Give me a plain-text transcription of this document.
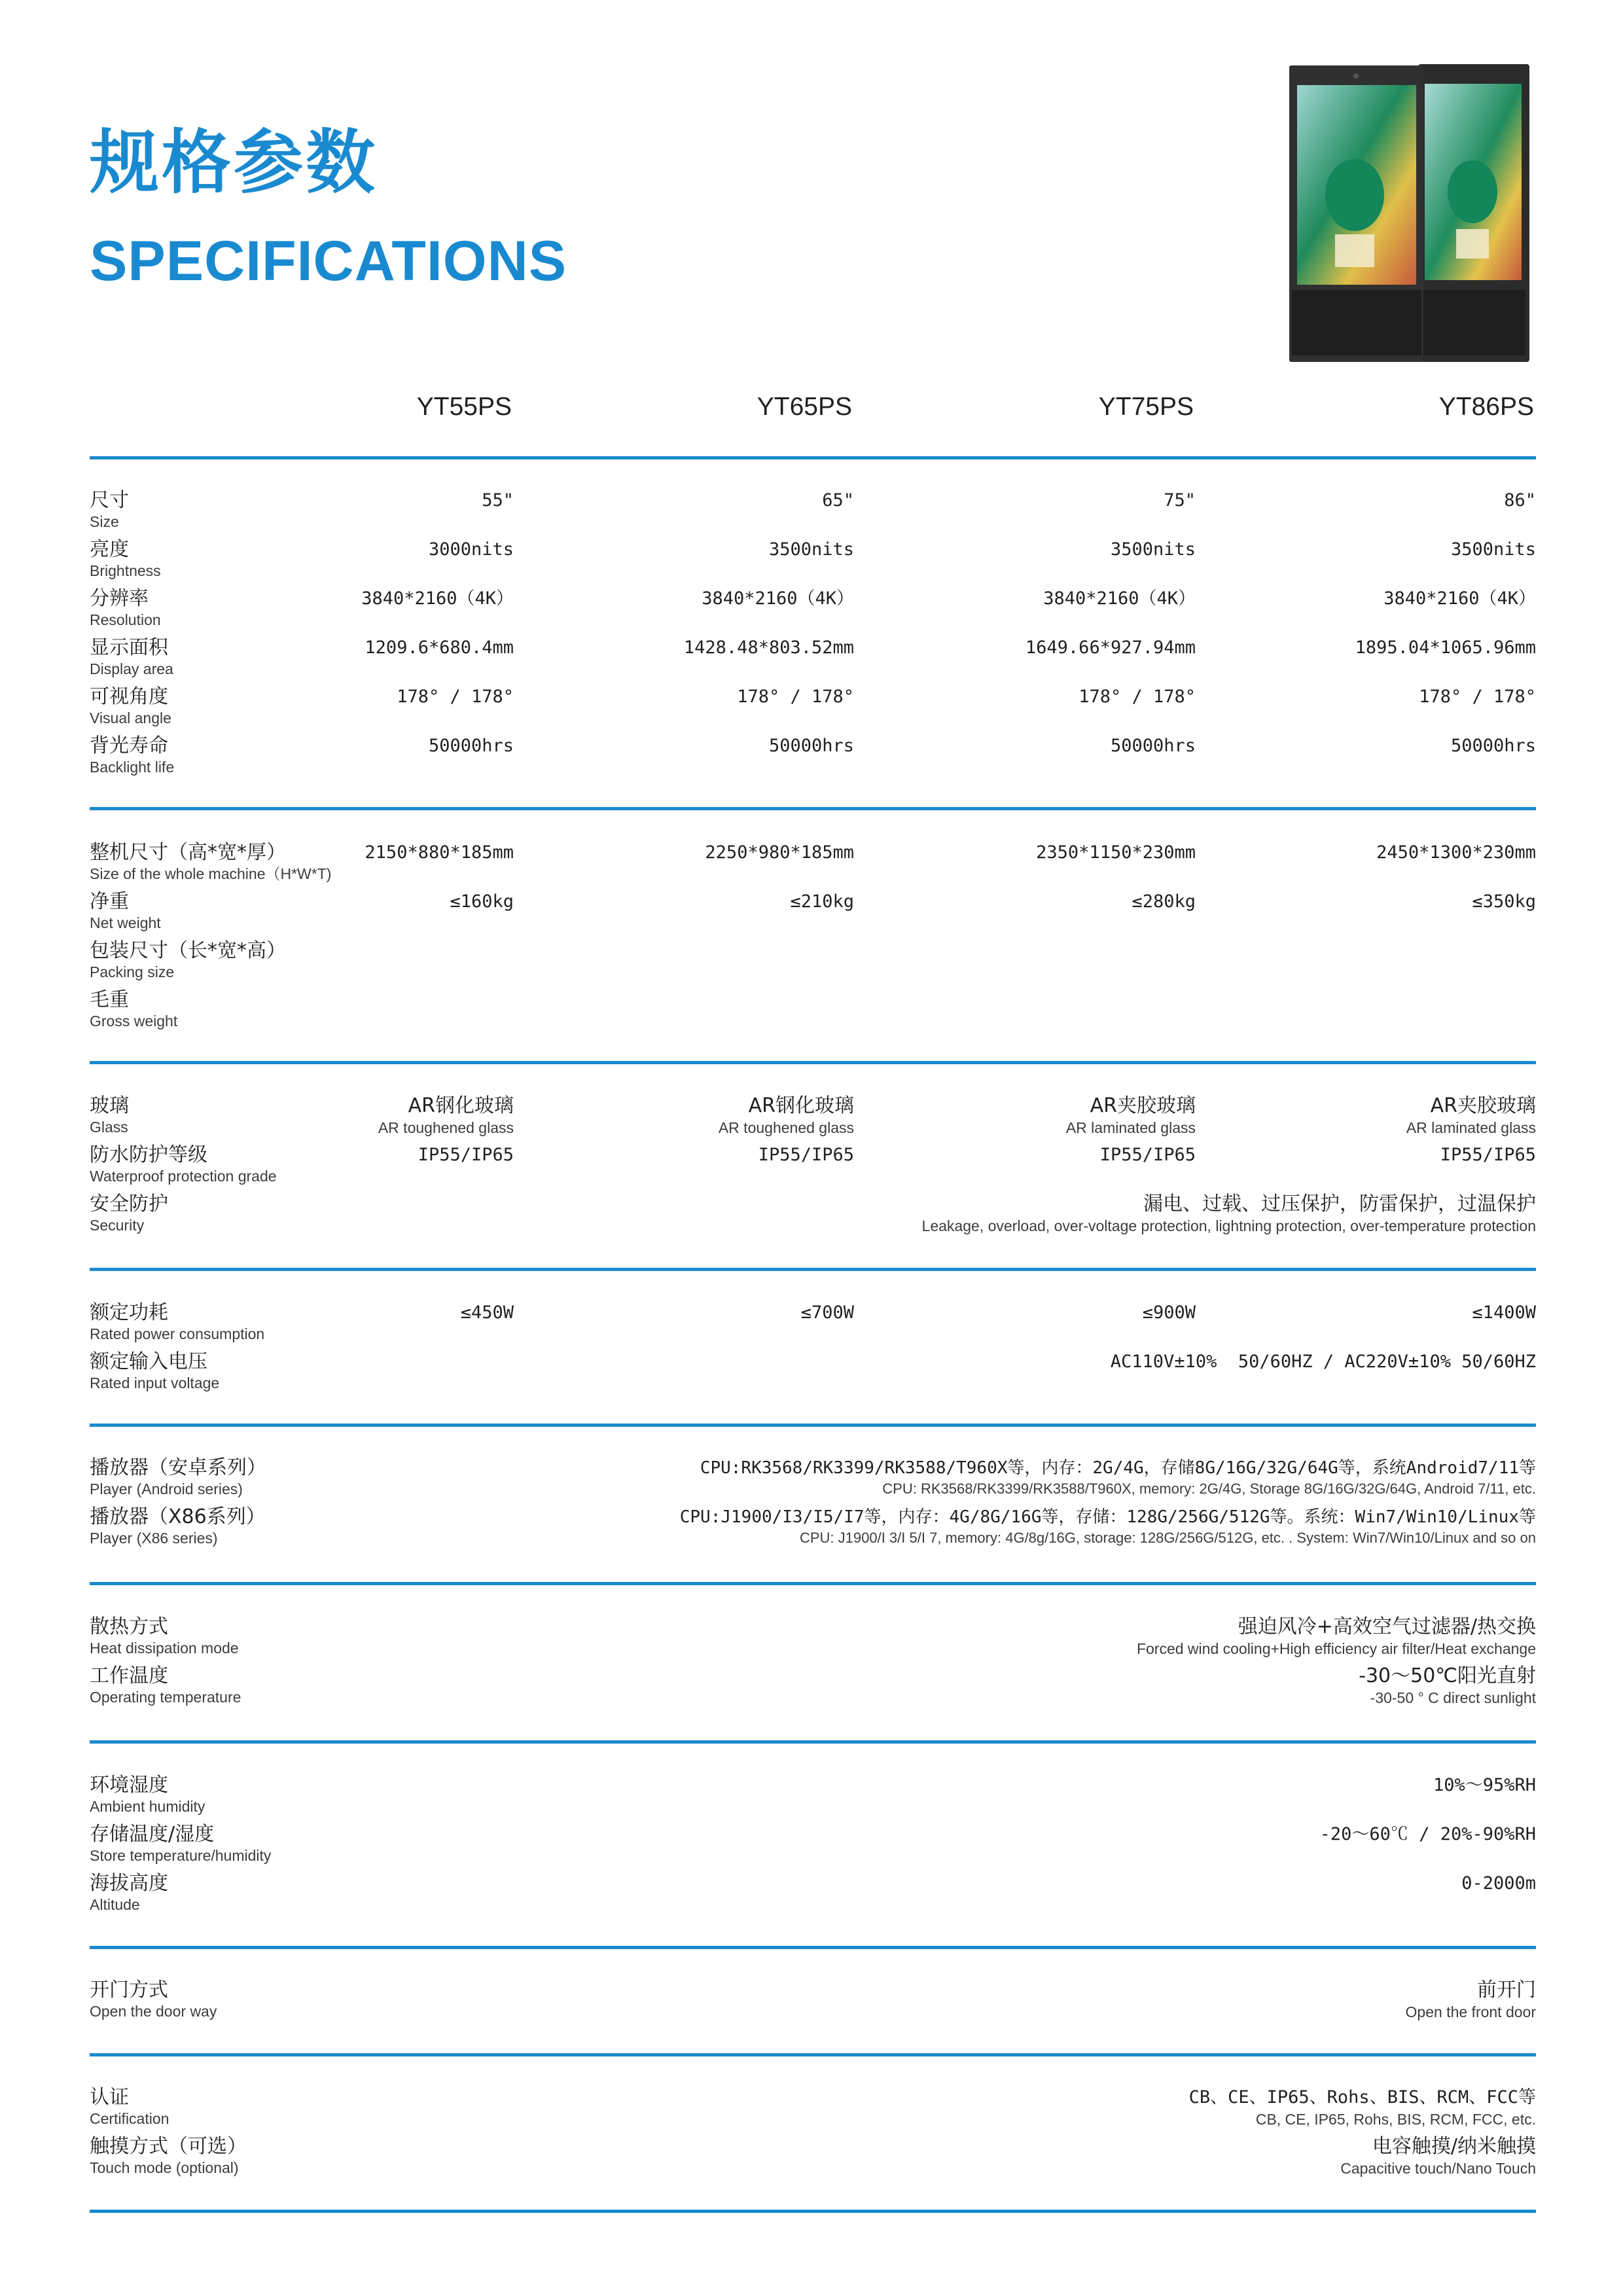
规格参数
SPECIFICATIONS
YT55PS	YT65PS	YT75PS	YT86PS
尺寸
Size
55"	65"	75"	86"
亮度
Brightness
3000nits	3500nits	3500nits	3500nits
分辨率
Resolution
3840*2160（4K）	3840*2160（4K）	3840*2160（4K）	3840*2160（4K）
显示面积
Display area
1209.6*680.4mm	1428.48*803.52mm	1649.66*927.94mm	1895.04*1065.96mm
可视角度
Visual angle
178° / 178°	178° / 178°	178° / 178°	178° / 178°
背光寿命
Backlight life
50000hrs	50000hrs	50000hrs	50000hrs
整机尺寸（高*宽*厚）
Size of the whole machine（H*W*T)
2150*880*185mm	2250*980*185mm	2350*1150*230mm	2450*1300*230mm
净重
Net weight
≤160kg	≤210kg	≤280kg	≤350kg
包装尺寸（长*宽*高）
Packing size
毛重
Gross weight
玻璃
Glass
AR钢化玻璃	AR钢化玻璃	AR夹胶玻璃	AR夹胶玻璃
AR toughened glass	AR toughened glass	AR laminated glass	AR laminated glass
防水防护等级
Waterproof protection grade
IP55/IP65	IP55/IP65	IP55/IP65	IP55/IP65
安全防护
Security
漏电、过载、过压保护，防雷保护，过温保护
Leakage, overload, over-voltage protection, lightning protection, over-temperature protection
额定功耗
Rated power consumption
≤450W	≤700W	≤900W	≤1400W
额定输入电压
Rated input voltage
AC110V±10%  50/60HZ / AC220V±10% 50/60HZ
播放器（安卓系列）
Player (Android series)
CPU:RK3568/RK3399/RK3588/T960X等，内存：2G/4G，存储8G/16G/32G/64G等，系统Android7/11等
CPU: RK3568/RK3399/RK3588/T960X, memory: 2G/4G, Storage 8G/16G/32G/64G, Android 7/11, etc.
播放器（X86系列）
Player (X86 series)
CPU:J1900/I3/I5/I7等，内存：4G/8G/16G等，存储：128G/256G/512G等。系统：Win7/Win10/Linux等
CPU: J1900/I 3/I 5/I 7, memory: 4G/8g/16G, storage: 128G/256G/512G, etc. . System: Win7/Win10/Linux and so on
散热方式
Heat dissipation mode
强迫风冷+高效空气过滤器/热交换
Forced wind cooling+High efficiency air filter/Heat exchange
工作温度
Operating temperature
-30～50℃阳光直射
-30-50 ° C direct sunlight
环境湿度
Ambient humidity
10%～95%RH
存储温度/湿度
Store temperature/humidity
-20～60℃ / 20%-90%RH
海拔高度
Altitude
0-2000m
开门方式
Open the door way
前开门
Open the front door
认证
Certification
CB、CE、IP65、Rohs、BIS、RCM、FCC等
CB, CE, IP65, Rohs, BIS, RCM, FCC, etc.
触摸方式（可选）
Touch mode (optional)
电容触摸/纳米触摸
Capacitive touch/Nano Touch
